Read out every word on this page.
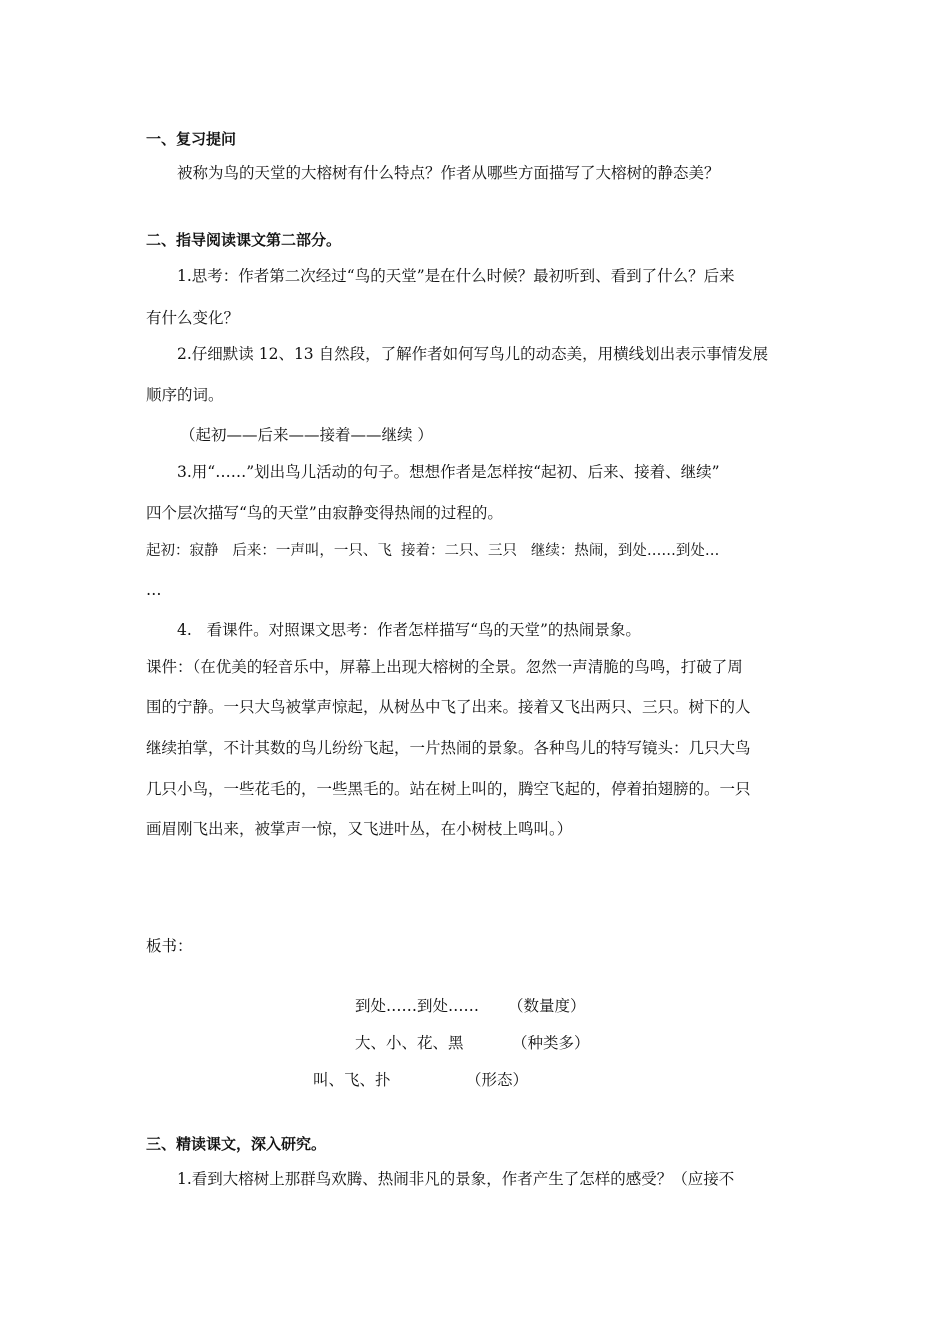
一、复习提问
被称为鸟的天堂的大榕树有什么特点？作者从哪些方面描写了大榕树的静态美？
二、指导阅读课文第二部分。
1.思考：作者第二次经过“鸟的天堂”是在什么时候？最初听到、看到了什么？后来
有什么变化？
2.仔细默读 12、13 自然段，了解作者如何写鸟儿的动态美，用横线划出表示事情发展
顺序的词。
（起初——后来——接着——继续 ）
3.用“……”划出鸟儿活动的句子。想想作者是怎样按“起初、后来、接着、继续”
四个层次描写“鸟的天堂”由寂静变得热闹的过程的。
起初：寂静   后来：一声叫，一只、飞  接着：二只、三只   继续：热闹，到处……到处…
…
4.   看课件。对照课文思考：作者怎样描写“鸟的天堂”的热闹景象。
课件：（在优美的轻音乐中，屏幕上出现大榕树的全景。忽然一声清脆的鸟鸣，打破了周
围的宁静。一只大鸟被掌声惊起，从树丛中飞了出来。接着又飞出两只、三只。树下的人
继续拍掌，不计其数的鸟儿纷纷飞起，一片热闹的景象。各种鸟儿的特写镜头：几只大鸟
几只小鸟，一些花毛的，一些黑毛的。站在树上叫的，腾空飞起的，停着拍翅膀的。一只
画眉刚飞出来，被掌声一惊，又飞进叶丛，在小树枝上鸣叫。）
板书：
到处……到处…… （数量度）
大、小、花、黑	（种类多）
叫、飞、扑	（形态）
三、精读课文，深入研究。
1.看到大榕树上那群鸟欢腾、热闹非凡的景象，作者产生了怎样的感受？（应接不
